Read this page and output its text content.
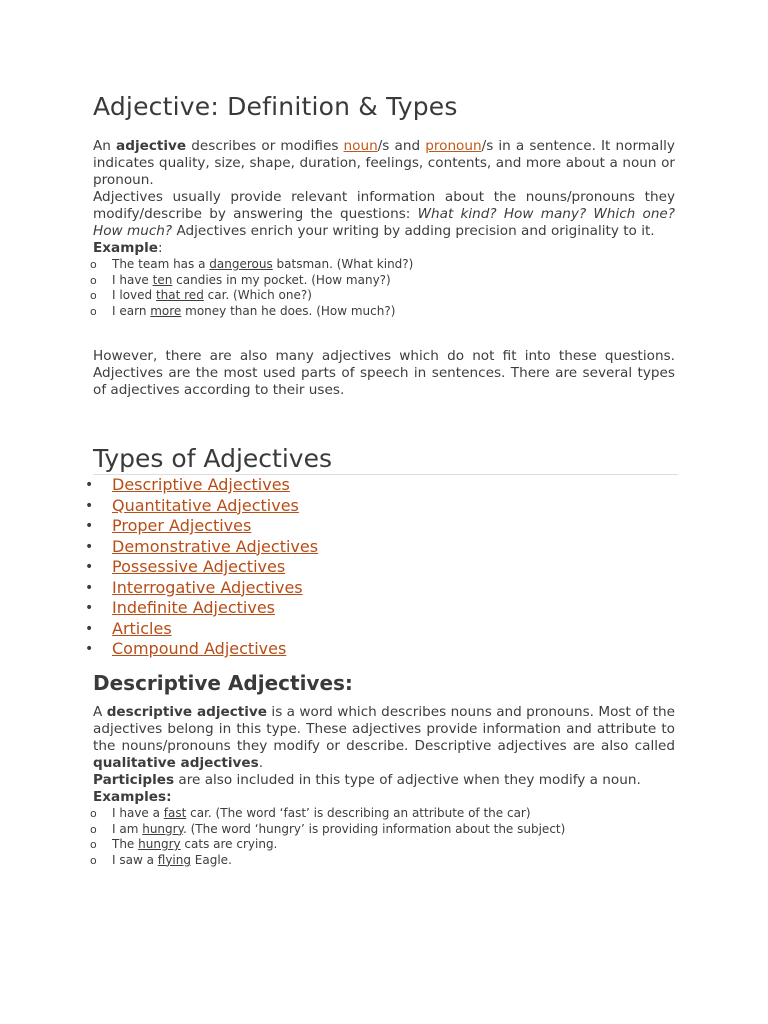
Adjective: Definition & Types

An adjective describes or modifies noun/s and pronoun/s in a sentence. It normally indicates quality, size, shape, duration, feelings, contents, and more about a noun or pronoun.

Adjectives usually provide relevant information about the nouns/pronouns they modify/describe by answering the questions: What kind? How many? Which one? How much? Adjectives enrich your writing by adding precision and originality to it.

Example:
o The team has a dangerous batsman. (What kind?)
o I have ten candies in my pocket. (How many?)
o I loved that red car. (Which one?)
o I earn more money than he does. (How much?)

However, there are also many adjectives which do not fit into these questions. Adjectives are the most used parts of speech in sentences. There are several types of adjectives according to their uses.

Types of Adjectives
• Descriptive Adjectives
• Quantitative Adjectives
• Proper Adjectives
• Demonstrative Adjectives
• Possessive Adjectives
• Interrogative Adjectives
• Indefinite Adjectives
• Articles
• Compound Adjectives
Descriptive Adjectives:

A descriptive adjective is a word which describes nouns and pronouns. Most of the adjectives belong in this type. These adjectives provide information and attribute to the nouns/pronouns they modify or describe. Descriptive adjectives are also called qualitative adjectives.

Participles are also included in this type of adjective when they modify a noun.

Examples:
o I have a fast car. (The word ‘fast’ is describing an attribute of the car)
o I am hungry. (The word ‘hungry’ is providing information about the subject)
o The hungry cats are crying.
o I saw a flying Eagle.
